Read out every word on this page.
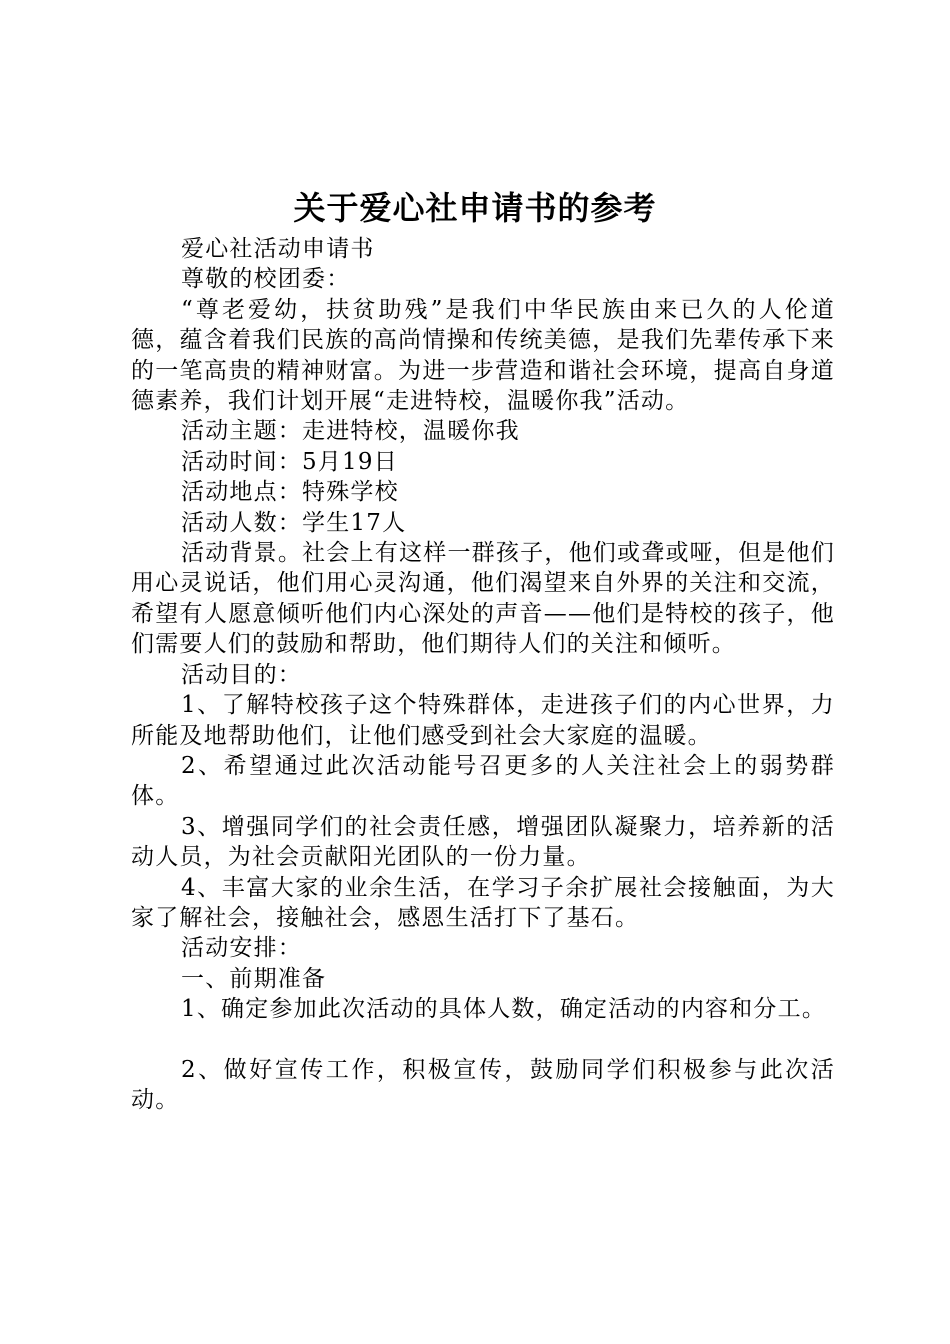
关于爱心社申请书的参考

爱心社活动申请书

尊敬的校团委：

“尊老爱幼，扶贫助残”是我们中华民族由来已久的人伦道德，蕴含着我们民族的高尚情操和传统美德，是我们先辈传承下来的一笔高贵的精神财富。为进一步营造和谐社会环境，提高自身道德素养，我们计划开展“走进特校，温暖你我”活动。

活动主题：走进特校，温暖你我

活动时间：5月19日

活动地点：特殊学校

活动人数：学生17人

活动背景。社会上有这样一群孩子，他们或聋或哑，但是他们用心灵说话，他们用心灵沟通，他们渴望来自外界的关注和交流，希望有人愿意倾听他们内心深处的声音——他们是特校的孩子，他们需要人们的鼓励和帮助，他们期待人们的关注和倾听。

活动目的：

1、了解特校孩子这个特殊群体，走进孩子们的内心世界，力所能及地帮助他们，让他们感受到社会大家庭的温暖。

2、希望通过此次活动能号召更多的人关注社会上的弱势群体。

3、增强同学们的社会责任感，增强团队凝聚力，培养新的活动人员，为社会贡献阳光团队的一份力量。

4、丰富大家的业余生活，在学习子余扩展社会接触面，为大家了解社会，接触社会，感恩生活打下了基石。

活动安排：

一、前期准备

1、确定参加此次活动的具体人数，确定活动的内容和分工。

2、做好宣传工作，积极宣传，鼓励同学们积极参与此次活动。
